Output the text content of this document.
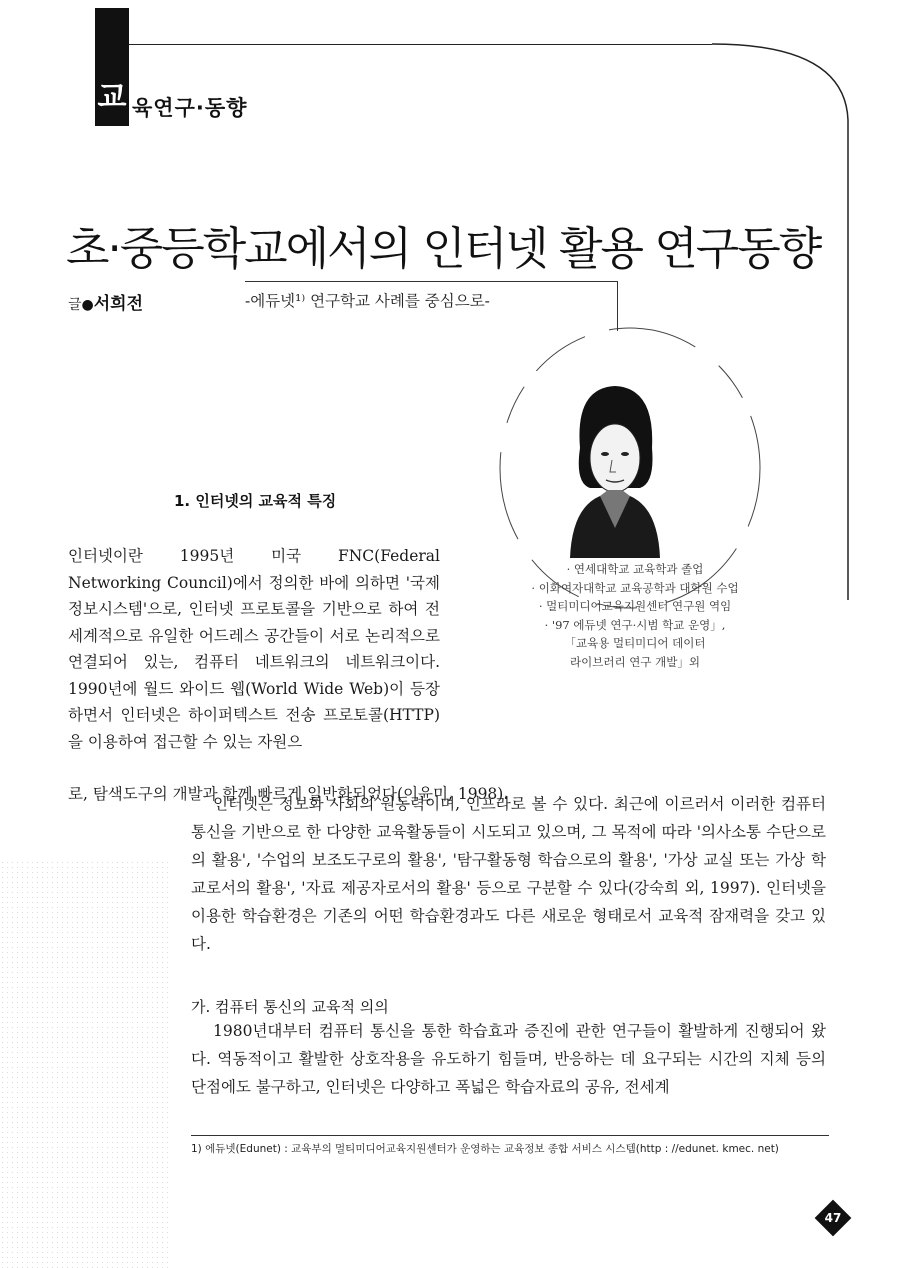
교 육연구·동향
초·중등학교에서의 인터넷 활용 연구동향
글●서희전	-에듀넷¹⁾ 연구학교 사례를 중심으로-
· 연세대학교 교육학과 졸업
· 이화여자대학교 교육공학과 대학원 수업
· 멀티미디어교육지원센터 연구원 역임
· '97 에듀넷 연구·시범 학교 운영」,
「교육용 멀티미디어 데이터
라이브러리 연구 개발」외
1. 인터넷의 교육적 특징
인터넷이란 1995년 미국 FNC(Federal Networking Council)에서 정의한 바에 의하면 '국제정보시스템'으로, 인터넷 프로토콜을 기반으로 하여 전세계적으로 유일한 어드레스 공간들이 서로 논리적으로 연결되어 있는, 컴퓨터 네트워크의 네트워크이다. 1990년에 월드 와이드 웹(World Wide Web)이 등장하면서 인터넷은 하이퍼텍스트 전송 프로토콜(HTTP)을 이용하여 접근할 수 있는 자원으
로, 탐색도구의 개발과 함께 빠르게 일반화되었다(이윤미, 1998).
인터넷은 정보화 사회의 원동력이며, 인프라로 볼 수 있다. 최근에 이르러서 이러한 컴퓨터 통신을 기반으로 한 다양한 교육활동들이 시도되고 있으며, 그 목적에 따라 '의사소통 수단으로의 활용', '수업의 보조도구로의 활용', '탐구활동형 학습으로의 활용', '가상 교실 또는 가상 학교로서의 활용', '자료 제공자로서의 활용' 등으로 구분할 수 있다(강숙희 외, 1997). 인터넷을 이용한 학습환경은 기존의 어떤 학습환경과도 다른 새로운 형태로서 교육적 잠재력을 갖고 있다.
가. 컴퓨터 통신의 교육적 의의
1980년대부터 컴퓨터 통신을 통한 학습효과 증진에 관한 연구들이 활발하게 진행되어 왔다. 역동적이고 활발한 상호작용을 유도하기 힘들며, 반응하는 데 요구되는 시간의 지체 등의 단점에도 불구하고, 인터넷은 다양하고 폭넓은 학습자료의 공유, 전세계
1) 에듀넷(Edunet) : 교육부의 멀티미디어교육지원센터가 운영하는 교육정보 종합 서비스 시스템(http : //edunet. kmec. net)
47
